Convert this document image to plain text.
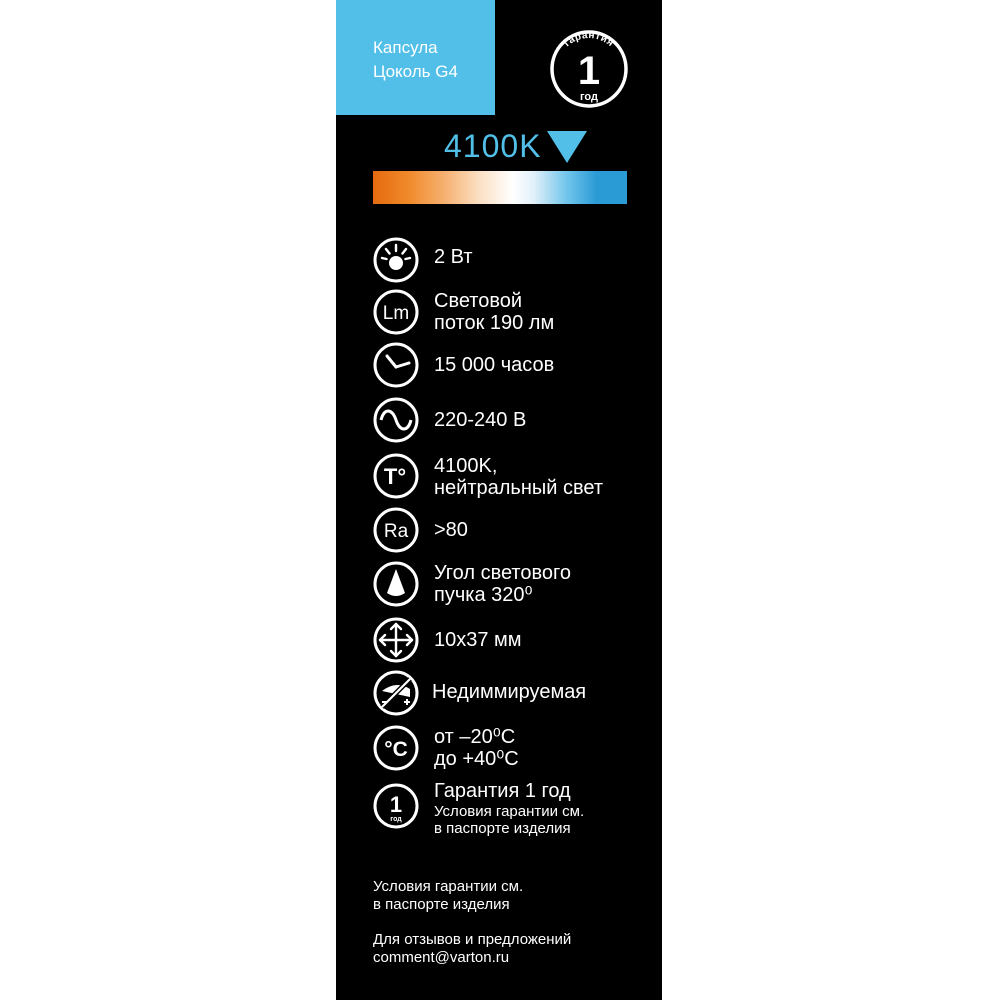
Капсула
Цоколь G4
гарантия
1
год
4100K
2 Вт
Lm
Световой
поток 190 лм
15 000 часов
220-240 В
T° 4100K,
нейтральный свет
Ra >80
Угол светового
пучка 320⁰
10x37 мм
Недиммируемая
°C
от –20⁰С
до +40⁰С
1
год
Гарантия 1 год
Условия гарантии см.
в паспорте изделия
Условия гарантии см.
в паспорте изделия
Для отзывов и предложений
comment@varton.ru
